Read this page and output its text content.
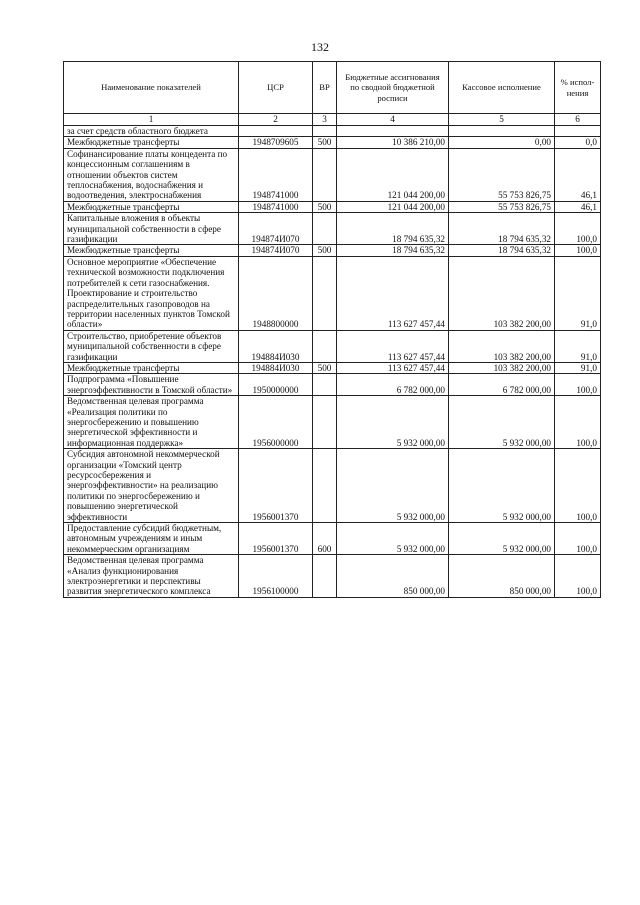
132
Наименование показателей	ЦСР	ВР	Бюджетные ассигнования по сводной бюджетной росписи	Кассовое исполнение	% испол-нения
1	2	3	4	5	6
за счет средств областного бюджета					
Межбюджетные трансферты	1948709605	500	10 386 210,00	0,00	0,0
Софинансирование платы концедента по концессионным соглашениям в отношении объектов систем теплоснабжения, водоснабжения и водоотведения, электроснабжения	1948741000		121 044 200,00	55 753 826,75	46,1
Межбюджетные трансферты	1948741000	500	121 044 200,00	55 753 826,75	46,1
Капитальные вложения в объекты муниципальной собственности в сфере газификации	194874И070		18 794 635,32	18 794 635,32	100,0
Межбюджетные трансферты	194874И070	500	18 794 635,32	18 794 635,32	100,0
Основное мероприятие «Обеспечение технической возможности подключения потребителей к сети газоснабжения. Проектирование и строительство распределительных газопроводов на территории населенных пунктов Томской области»	1948800000		113 627 457,44	103 382 200,00	91,0
Строительство, приобретение объектов муниципальной собственности в сфере газификации	194884И030		113 627 457,44	103 382 200,00	91,0
Межбюджетные трансферты	194884И030	500	113 627 457,44	103 382 200,00	91,0
Подпрограмма «Повышение энергоэффективности в Томской области»	1950000000		6 782 000,00	6 782 000,00	100,0
Ведомственная целевая программа «Реализация политики по энергосбережению и повышению энергетической эффективности и информационная поддержка»	1956000000		5 932 000,00	5 932 000,00	100,0
Субсидия автономной некоммерческой организации «Томский центр ресурсосбережения и энергоэффективности» на реализацию политики по энергосбережению и повышению энергетической эффективности	1956001370		5 932 000,00	5 932 000,00	100,0
Предоставление субсидий бюджетным, автономным учреждениям и иным некоммерческим организациям	1956001370	600	5 932 000,00	5 932 000,00	100,0
Ведомственная целевая программа «Анализ функционирования электроэнергетики и перспективы развития энергетического комплекса	1956100000		850 000,00	850 000,00	100,0
